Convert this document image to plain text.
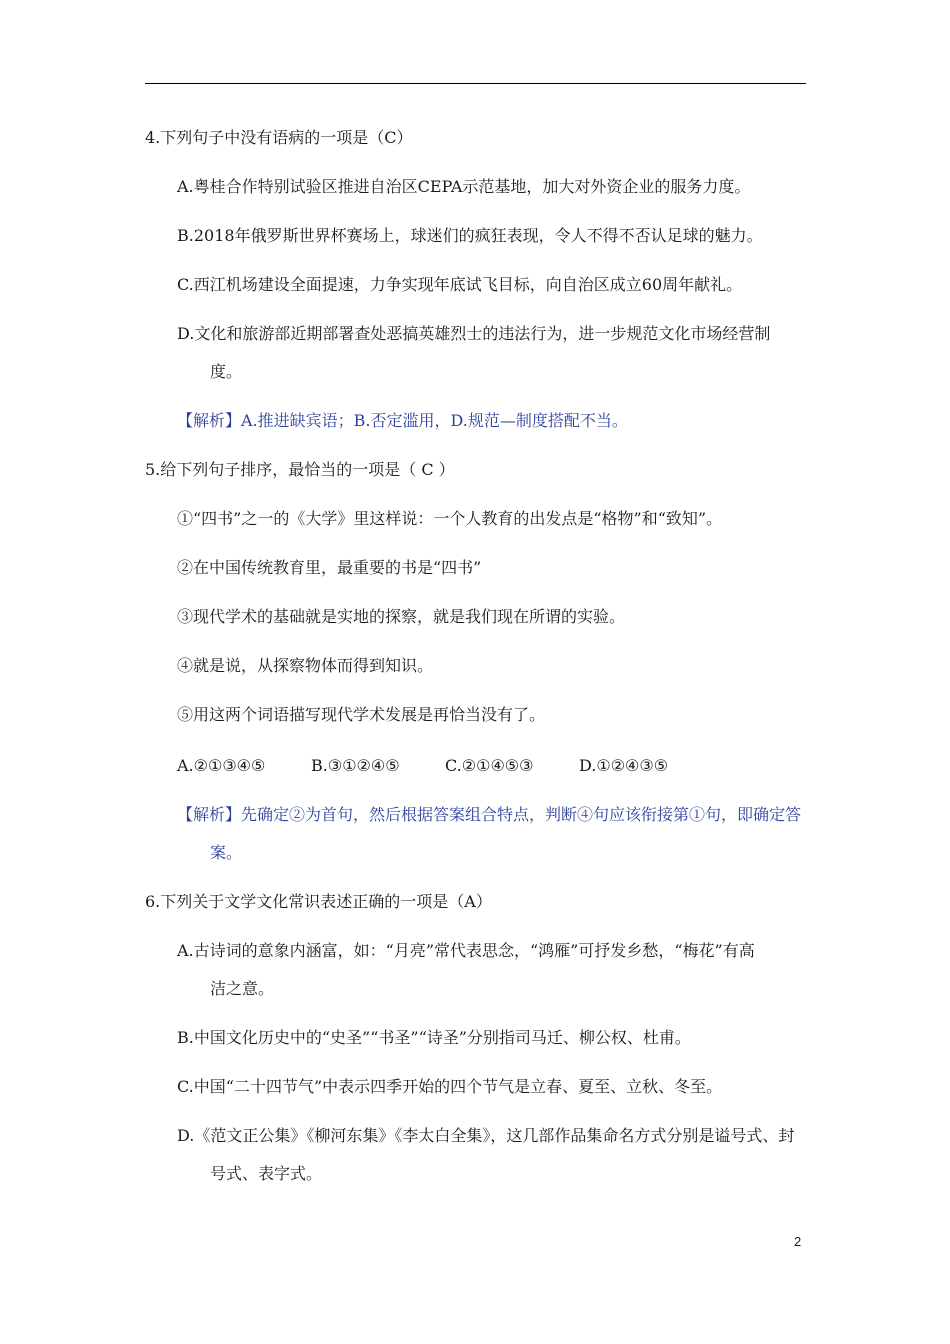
4.下列句子中没有语病的一项是（C）
A.粤桂合作特别试验区推进自治区CEPA示范基地，加大对外资企业的服务力度。
B.2018年俄罗斯世界杯赛场上，球迷们的疯狂表现，令人不得不否认足球的魅力。
C.西江机场建设全面提速，力争实现年底试飞目标，向自治区成立60周年献礼。
D.文化和旅游部近期部署查处恶搞英雄烈士的违法行为，进一步规范文化市场经营制
度。
【解析】A.推进缺宾语；B.否定滥用，D.规范—制度搭配不当。
5.给下列句子排序，最恰当的一项是（ C ）
①“四书”之一的《大学》里这样说：一个人教育的出发点是“格物”和“致知”。
②在中国传统教育里，最重要的书是“四书”
③现代学术的基础就是实地的探察，就是我们现在所谓的实验。
④就是说，从探察物体而得到知识。
⑤用这两个词语描写现代学术发展是再恰当没有了。
A.②①③④⑤	B.③①②④⑤	C.②①④⑤③	D.①②④③⑤
【解析】先确定②为首句，然后根据答案组合特点，判断④句应该衔接第①句，即确定答
案。
6.下列关于文学文化常识表述正确的一项是（A）
A.古诗词的意象内涵富，如：“月亮”常代表思念，“鸿雁”可抒发乡愁，“梅花”有高
洁之意。
B.中国文化历史中的“史圣”“书圣”“诗圣”分别指司马迁、柳公权、杜甫。
C.中国“二十四节气”中表示四季开始的四个节气是立春、夏至、立秋、冬至。
D.《范文正公集》《柳河东集》《李太白全集》，这几部作品集命名方式分别是谥号式、封
号式、表字式。
2
